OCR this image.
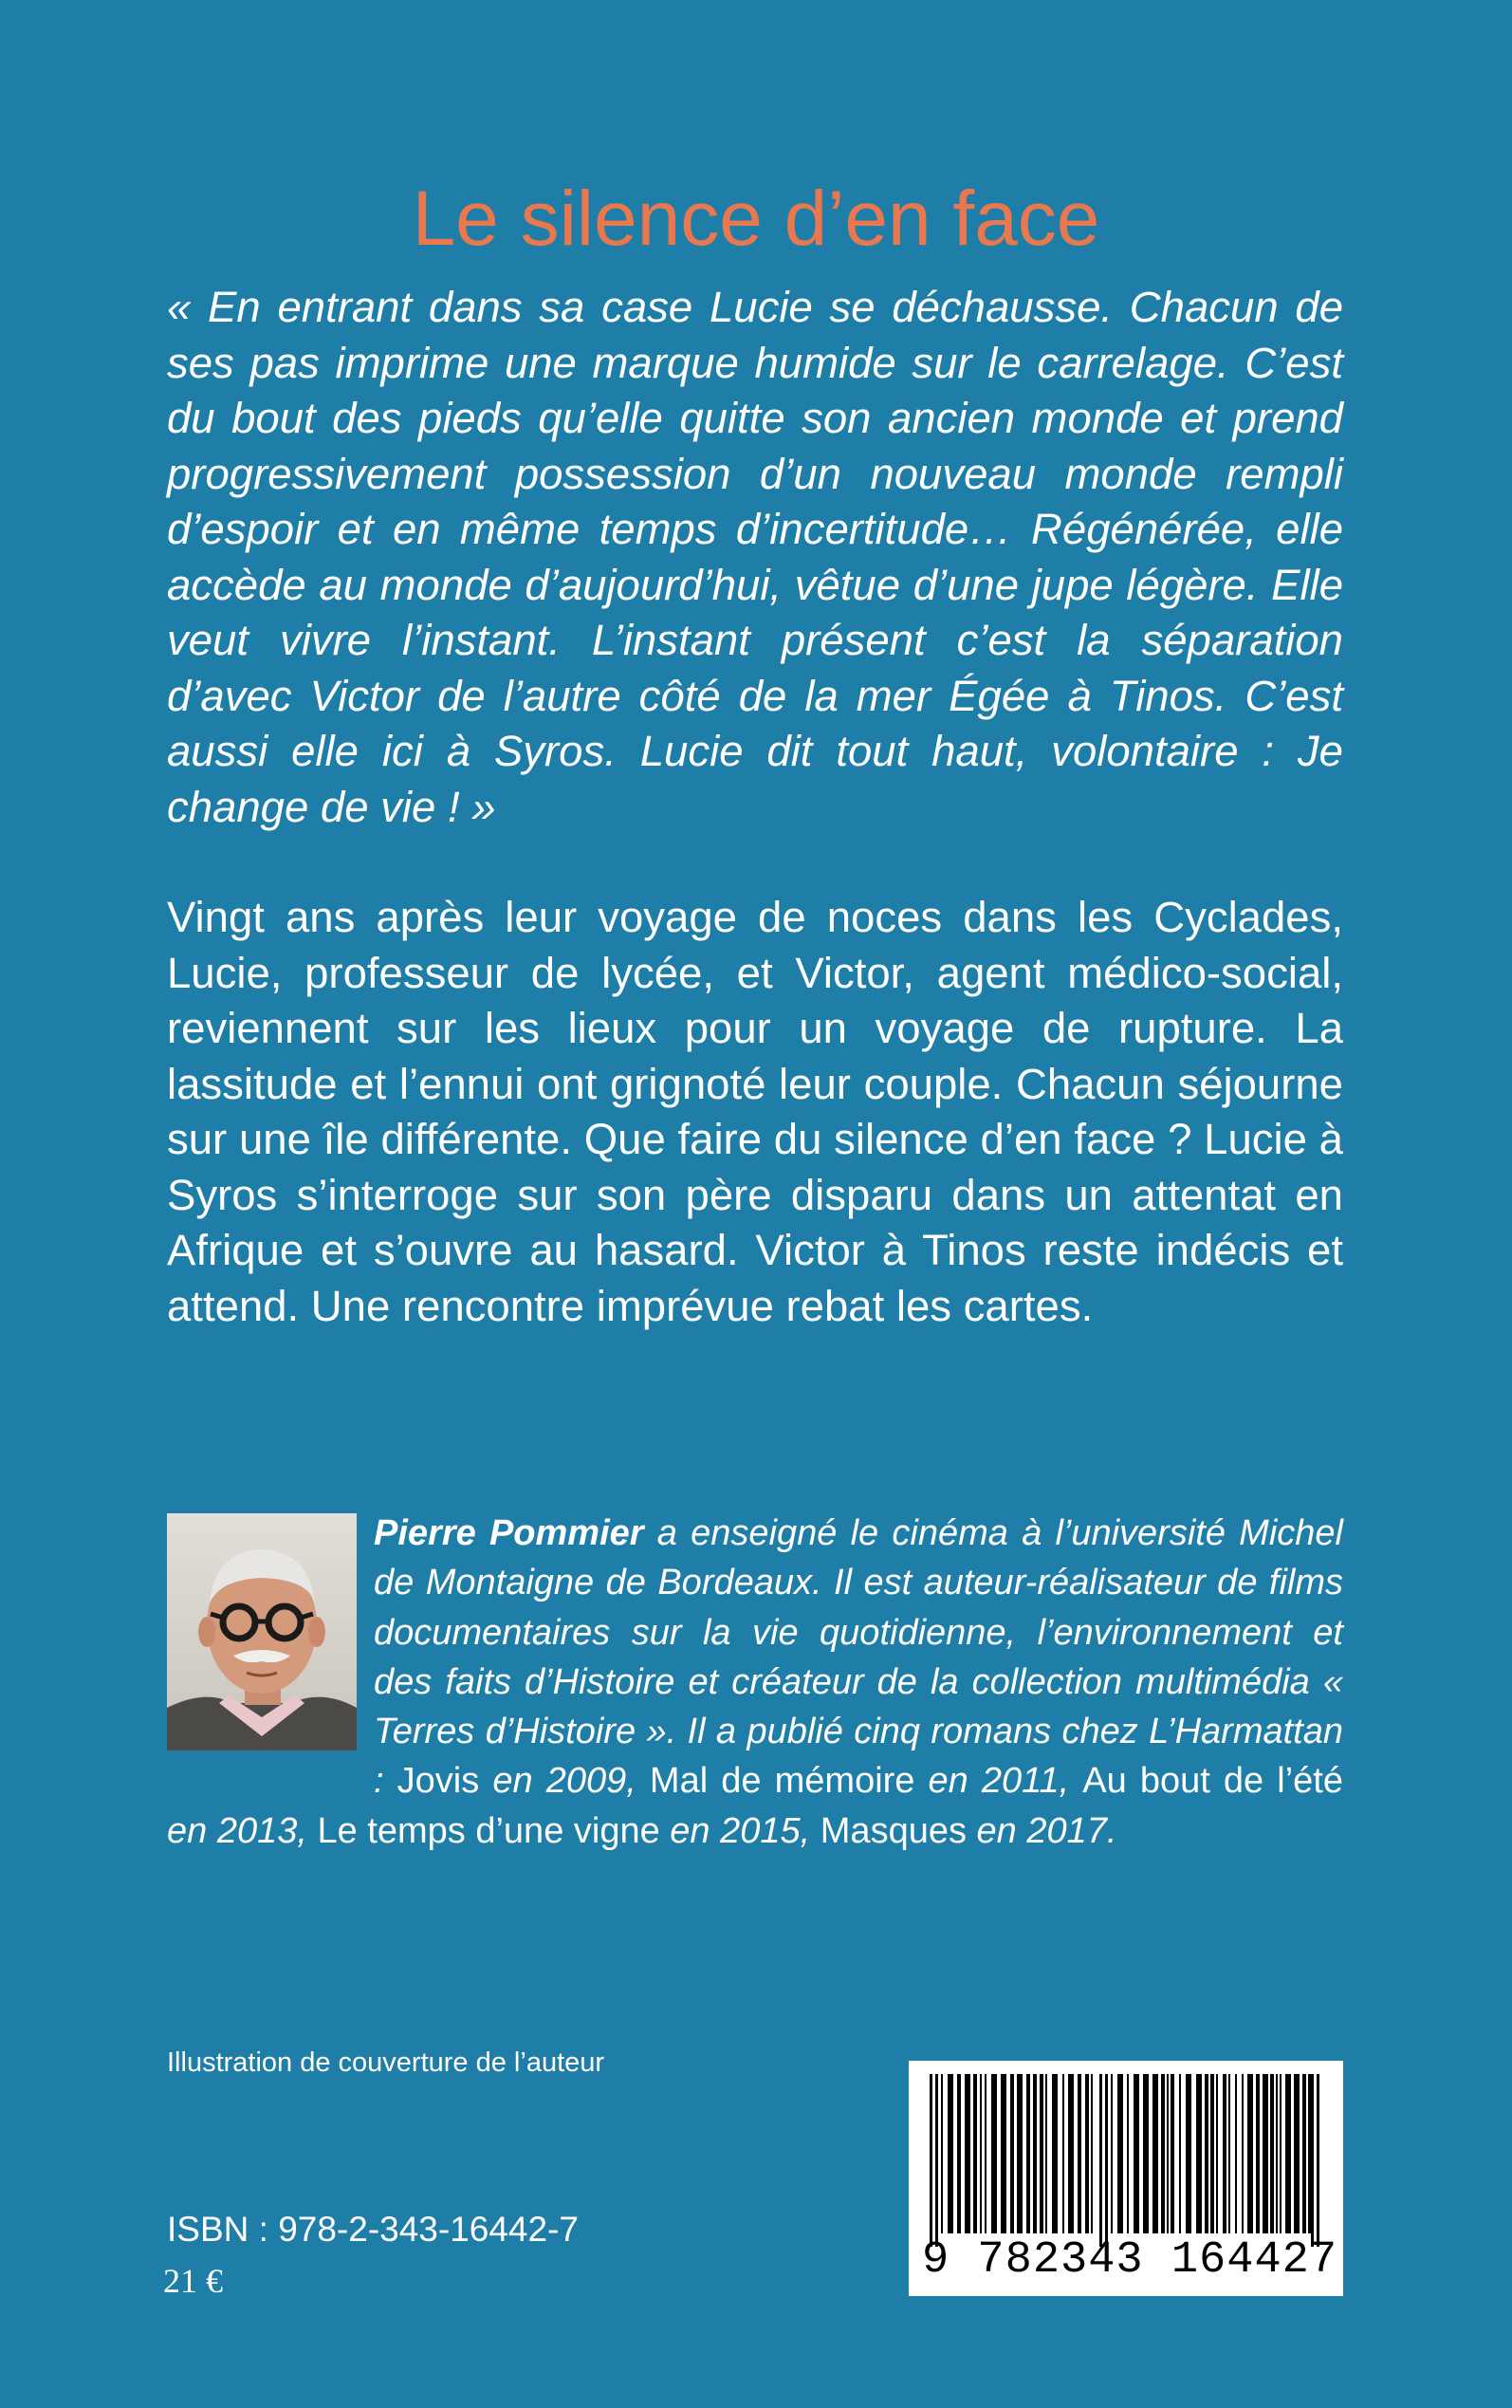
Le silence d’en face

« En entrant dans sa case Lucie se déchausse. Chacun de ses pas imprime une marque humide sur le carrelage. C’est du bout des pieds qu’elle quitte son ancien monde et prend progressivement possession d’un nouveau monde rempli d’espoir et en même temps d’incertitude… Régénérée, elle accède au monde d’aujourd’hui, vêtue d’une jupe légère. Elle veut vivre l’instant. L’instant présent c’est la séparation d’avec Victor de l’autre côté de la mer Égée à Tinos. C’est aussi elle ici à Syros. Lucie dit tout haut, volontaire : Je change de vie ! »

Vingt ans après leur voyage de noces dans les Cyclades, Lucie, professeur de lycée, et Victor, agent médico-social, reviennent sur les lieux pour un voyage de rupture. La lassitude et l’ennui ont grignoté leur couple. Chacun séjourne sur une île différente. Que faire du silence d’en face ? Lucie à Syros s’interroge sur son père disparu dans un attentat en Afrique et s’ouvre au hasard. Victor à Tinos reste indécis et attend. Une rencontre imprévue rebat les cartes.

Pierre Pommier a enseigné le cinéma à l’université Michel de Montaigne de Bordeaux. Il est auteur-réalisateur de films documentaires sur la vie quotidienne, l’environnement et des faits d’Histoire et créateur de la collection multimédia « Terres d’Histoire ». Il a publié cinq romans chez L’Harmattan : Jovis en 2009, Mal de mémoire en 2011, Au bout de l’été en 2013, Le temps d’une vigne en 2015, Masques en 2017.

Illustration de couverture de l’auteur
ISBN : 978-2-343-16442-7
21 €	9 782343 164427
